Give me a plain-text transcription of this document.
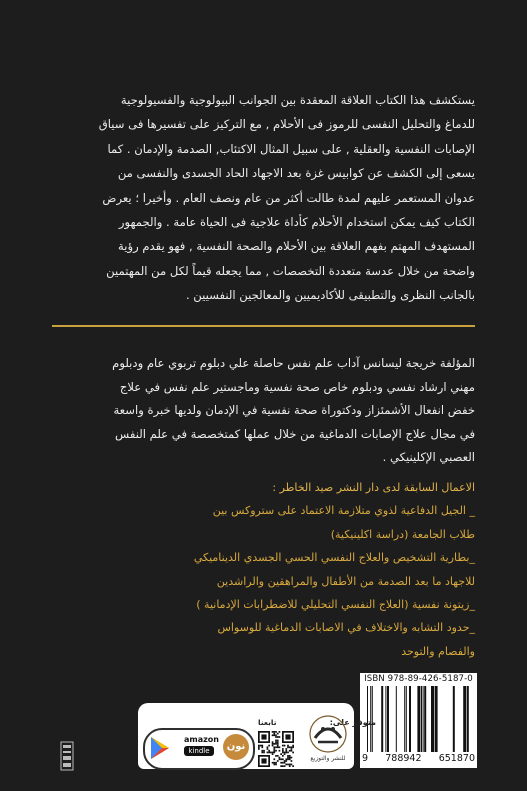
يستكشف هذا الكتاب العلاقة المعقدة بين الجوانب البيولوجية والفسيولوجية

للدماغ والتحليل النفسى للرموز فى الأحلام , مع التركيز على تفسيرها فى سياق

الإصابات النفسية والعقلية , على سبيل المثال الاكتئاب, الصدمة والإدمان . كما

يسعى إلى الكشف عن كوابيس غزة بعد الاجهاد الحاد الجسدى والنفسى من

عدوان المستعمر عليهم لمدة طالت أكثر من عام ونصف العام . وأخيرا ؛ يعرض

الكتاب كيف يمكن استخدام الأحلام كأداة علاجية فى الحياة عامة . والجمهور

المستهدف المهتم بفهم العلاقة بين الأحلام والصحة النفسية , فهو يقدم رؤية

واضحة من خلال عدسة متعددة التخصصات , مما يجعله قيماً لكل من المهتمين

بالجانب النظرى والتطبيقى للأكاديميين والمعالجين النفسيين .

المؤلفة خريجة ليسانس آداب علم نفس حاصلة علي دبلوم تربوي عام ودبلوم

مهني ارشاد نفسي ودبلوم خاص صحة نفسية وماجستير علم نفس في علاج

خفض انفعال الأشمئزاز ودكتوراة صحة نفسية في الإدمان ولديها خبرة واسعة

في مجال علاج الإصابات الدماغية من خلال عملها كمتخصصة في علم النفس

العصبي الإكلينيكي .

الاعمال السابقة لدى دار النشر صيد الخاطر :
_ الجيل الدفاعية لذوي متلازمة الاعتماد على ستروكس بين
طلاب الجامعة (دراسة اكلينيكية)
_بطارية التشخيص والعلاج النفسي الحسي الجسدي الديناميكي
للاجهاد ما بعد الصدمة من الأطفال والمراهقين والراشدين
_زيتونة نفسية (العلاج النفسي التحليلي للاضطرابات الإدمانية )
_حدود التشابه والاختلاف في الاصابات الدماغية للوسواس
والفصام والتوحد
ISBN 978-89-426-5187-0
9 788942 651870
متوفر على:
تابعنا
amazon
kindle	نون
للنشر والتوزيع
